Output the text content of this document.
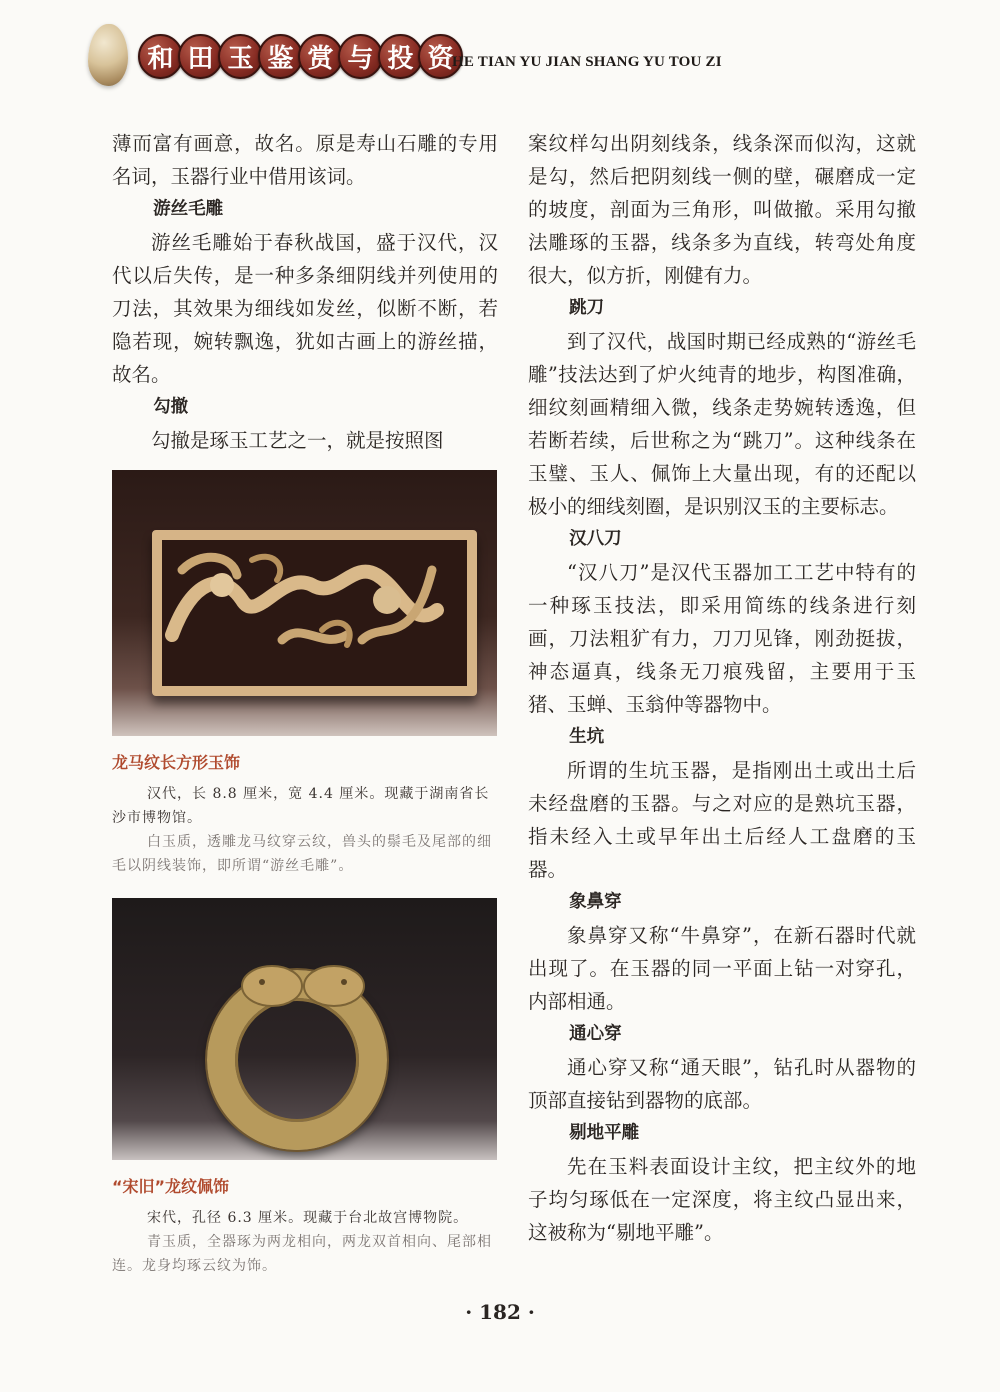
和 田 玉 鉴 赏 与 投 资
HE TIAN YU JIAN SHANG YU TOU ZI

薄而富有画意，故名。原是寿山石雕的专用名词，玉器行业中借用该词。

游丝毛雕

游丝毛雕始于春秋战国，盛于汉代，汉代以后失传，是一种多条细阴线并列使用的刀法，其效果为细线如发丝，似断不断，若隐若现，婉转飘逸，犹如古画上的游丝描，故名。

勾撤

勾撤是琢玉工艺之一，就是按照图

龙马纹长方形玉饰
汉代，长 8.8 厘米，宽 4.4 厘米。现藏于湖南省长沙市博物馆。
白玉质，透雕龙马纹穿云纹，兽头的鬃毛及尾部的细毛以阴线装饰，即所谓“游丝毛雕”。
“宋旧”龙纹佩饰
宋代，孔径 6.3 厘米。现藏于台北故宫博物院。
青玉质，全器琢为两龙相向，两龙双首相向、尾部相连。龙身均琢云纹为饰。

案纹样勾出阴刻线条，线条深而似沟，这就是勾，然后把阴刻线一侧的壁，碾磨成一定的坡度，剖面为三角形，叫做撤。采用勾撤法雕琢的玉器，线条多为直线，转弯处角度很大，似方折，刚健有力。

跳刀

到了汉代，战国时期已经成熟的“游丝毛雕”技法达到了炉火纯青的地步，构图准确，细纹刻画精细入微，线条走势婉转透逸，但若断若续，后世称之为“跳刀”。这种线条在玉璧、玉人、佩饰上大量出现，有的还配以极小的细线刻圈，是识别汉玉的主要标志。

汉八刀

“汉八刀”是汉代玉器加工工艺中特有的一种琢玉技法，即采用简练的线条进行刻画，刀法粗犷有力，刀刀见锋，刚劲挺拔，神态逼真，线条无刀痕残留，主要用于玉猪、玉蝉、玉翁仲等器物中。

生坑

所谓的生坑玉器，是指刚出土或出土后未经盘磨的玉器。与之对应的是熟坑玉器，指未经入土或早年出土后经人工盘磨的玉器。

象鼻穿

象鼻穿又称“牛鼻穿”，在新石器时代就出现了。在玉器的同一平面上钻一对穿孔，内部相通。

通心穿

通心穿又称“通天眼”，钻孔时从器物的顶部直接钻到器物的底部。

剔地平雕

先在玉料表面设计主纹，把主纹外的地子均匀琢低在一定深度，将主纹凸显出来，这被称为“剔地平雕”。

· 182 ·
